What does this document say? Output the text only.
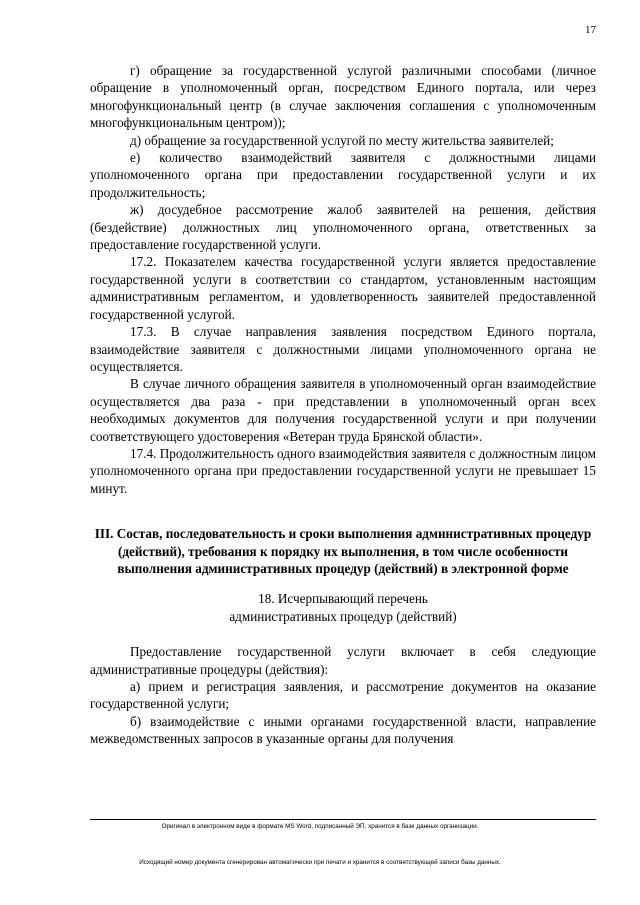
17

г) обращение за государственной услугой различными способами (личное обращение в уполномоченный орган, посредством Единого портала, или через многофункциональный центр (в случае заключения соглашения с уполномоченным многофункциональным центром));

д) обращение за государственной услугой по месту жительства заявителей;

е) количество взаимодействий заявителя с должностными лицами уполномоченного органа при предоставлении государственной услуги и их продолжительность;

ж) досудебное рассмотрение жалоб заявителей на решения, действия (бездействие) должностных лиц уполномоченного органа, ответственных за предоставление государственной услуги.

17.2. Показателем качества государственной услуги является предоставление государственной услуги в соответствии со стандартом, установленным настоящим административным регламентом, и удовлетворенность заявителей предоставленной государственной услугой.

17.3. В случае направления заявления посредством Единого портала, взаимодействие заявителя с должностными лицами уполномоченного органа не осуществляется.

В случае личного обращения заявителя в уполномоченный орган взаимодействие осуществляется два раза - при представлении в уполномоченный орган всех необходимых документов для получения государственной услуги и при получении соответствующего удостоверения «Ветеран труда Брянской области».

17.4. Продолжительность одного взаимодействия заявителя с должностным лицом уполномоченного органа при предоставлении государственной услуги не превышает 15 минут.

III. Состав, последовательность и сроки выполнения административных процедур (действий), требования к порядку их выполнения, в том числе особенности выполнения административных процедур (действий) в электронной форме
18. Исчерпывающий перечень
административных процедур (действий)

Предоставление государственной услуги включает в себя следующие административные процедуры (действия):

а) прием и регистрация заявления, и рассмотрение документов на оказание государственной услуги;

б) взаимодействие с иными органами государственной власти, направление межведомственных запросов в указанные органы для получения

Оригинал в электронном виде в формате MS Word, подписанный ЭП, хранится в базе данных организации.
Исходящий номер документа сгенерирован автоматически при печати и хранится в соответствующей записи базы данных.
